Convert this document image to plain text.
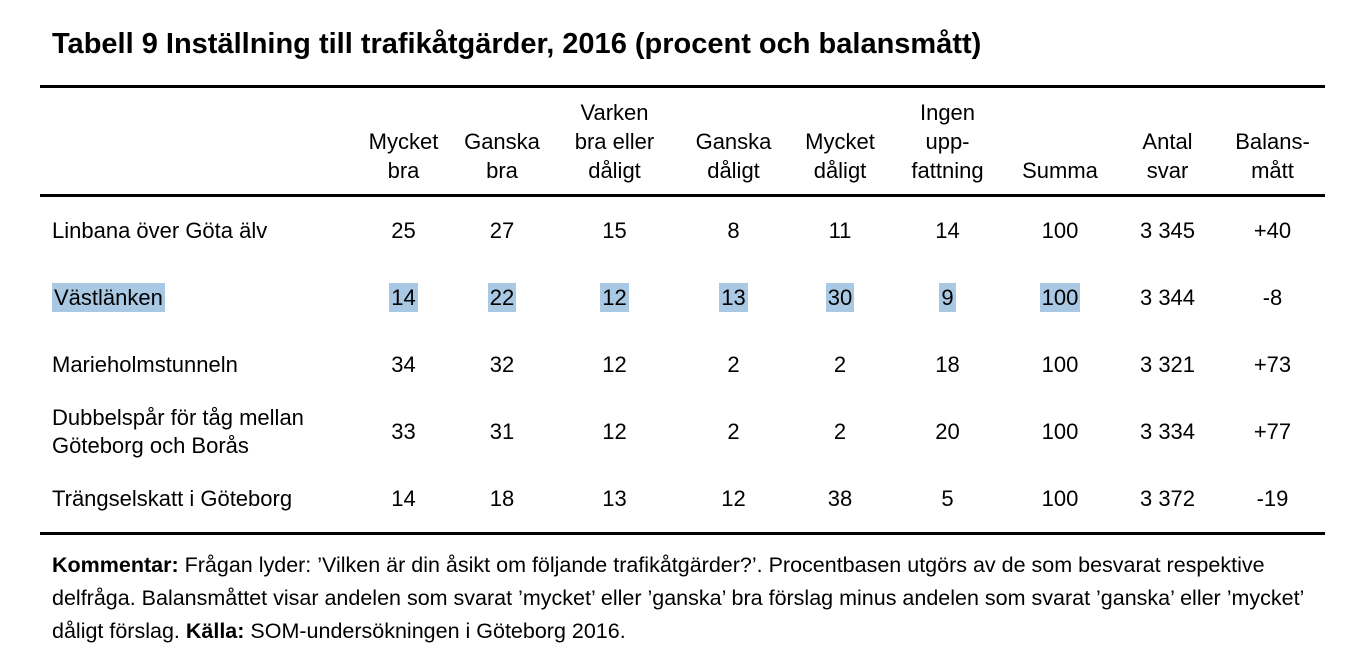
Tabell 9 Inställning till trafikåtgärder, 2016 (procent och balansmått)
	Mycket
bra	Ganska
bra	Varken
bra eller
dåligt	Ganska
dåligt	Mycket
dåligt	Ingen
upp-
fattning	Summa	Antal
svar	Balans-
mått
Linbana över Göta älv	25	27	15	8	11	14	100	3 345	+40
Västlänken	14	22	12	13	30	9	100	3 344	-8
Marieholmstunneln	34	32	12	2	2	18	100	3 321	+73
Dubbelspår för tåg mellan
Göteborg och Borås	33	31	12	2	2	20	100	3 334	+77
Trängselskatt i Göteborg	14	18	13	12	38	5	100	3 372	-19

Kommentar: Frågan lyder: ’Vilken är din åsikt om följande trafikåtgärder?’. Procentbasen utgörs av de som besvarat respektive delfråga. Balansmåttet visar andelen som svarat ’mycket’ eller ’ganska’ bra förslag minus andelen som svarat ’ganska’ eller ’mycket’ dåligt förslag. Källa: SOM-undersökningen i Göteborg 2016.
